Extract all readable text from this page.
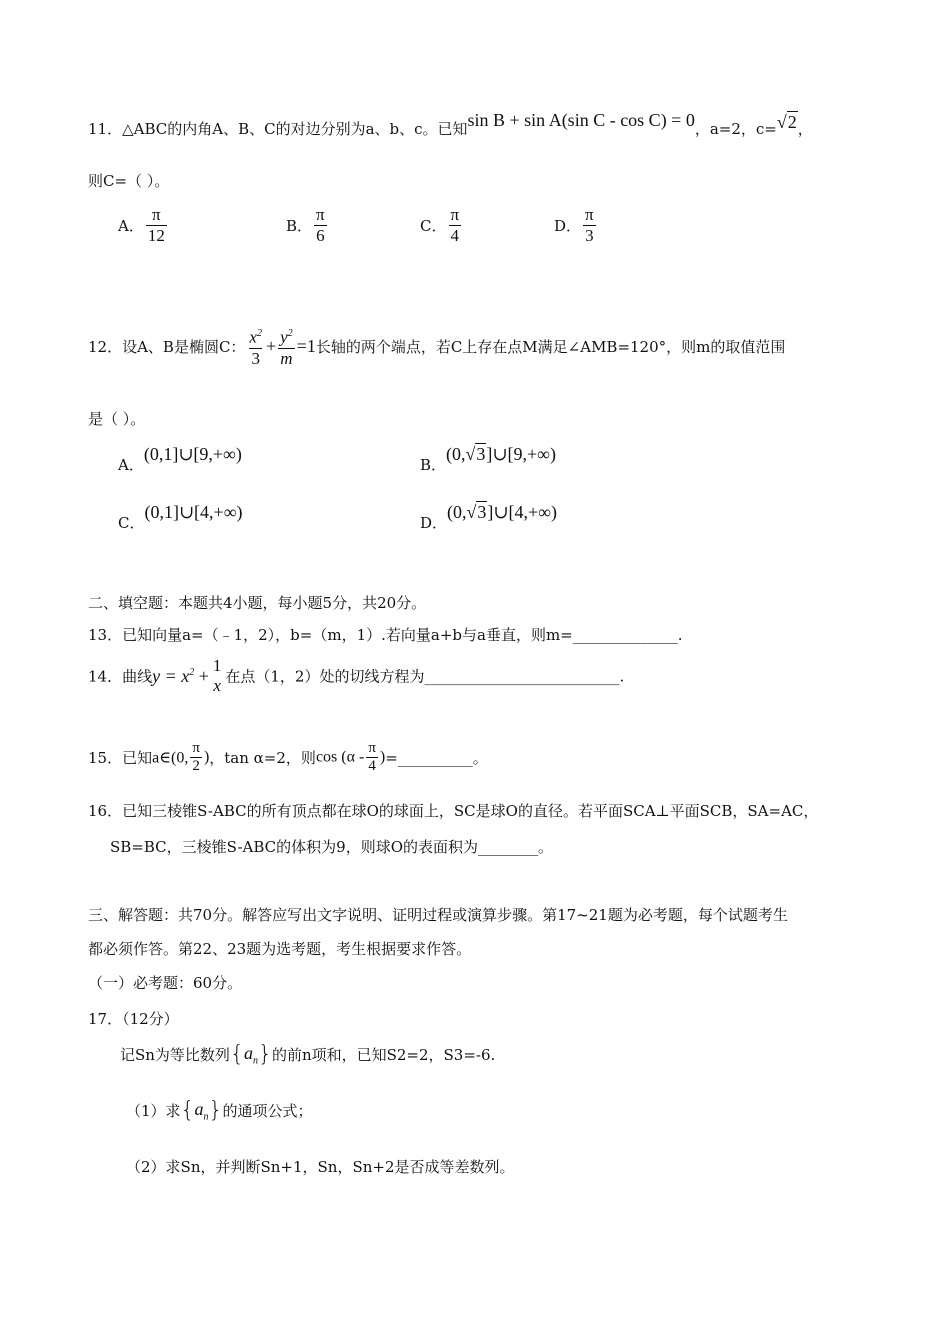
11．△ABC的内角A、B、C的对边分别为a、b、c。已知sin B + sin A(sin C - cos C) = 0，a=2，c=√2，
则C=（ ）。
A． $\frac{\pi}{12}$	B． $\frac{\pi}{6}$	C． $\frac{\pi}{4}$	D． $\frac{\pi}{3}$
12．设A、B是椭圆C： $\frac{x^2}{3} + \frac{y^2}{m} =1$长轴的两个端点，若C上存在点M满足∠AMB=120°，则m的取值范围
是（ ）。
A．(0,1]∪[9,+∞)
B．(0,√3]∪[9,+∞)
C．(0,1]∪[4,+∞)
D．(0,√3]∪[4,+∞)
二、填空题：本题共4小题，每小题5分，共20分。
13．已知向量a=（﹣1，2），b=（m，1）.若向量a+b与a垂直，则m=______________.
14．曲线$y = x^2 + 1$
x 在点（1，2）处的切线方程为__________________________.
15．已知a∈(0, $\frac{\pi}{2}$ )，tan α=2，则$\cos (\alpha - \frac{\pi}{4}$ )=__________。
16．已知三棱锥S-ABC的所有顶点都在球O的球面上，SC是球O的直径。若平面SCA⊥平面SCB，SA=AC，
SB=BC，三棱锥S-ABC的体积为9，则球O的表面积为________。
三、解答题：共70分。解答应写出文字说明、证明过程或演算步骤。第17~21题为必考题，每个试题考生
都必须作答。第22、23题为选考题，考生根据要求作答。
（一）必考题：60分。
17．（12分）
记Sn为等比数列$\{a_n\}$的前n项和，已知S2=2，S3=-6.
（1）求$\{a_n\}$的通项公式；
（2）求Sn，并判断Sn+1，Sn，Sn+2是否成等差数列。
